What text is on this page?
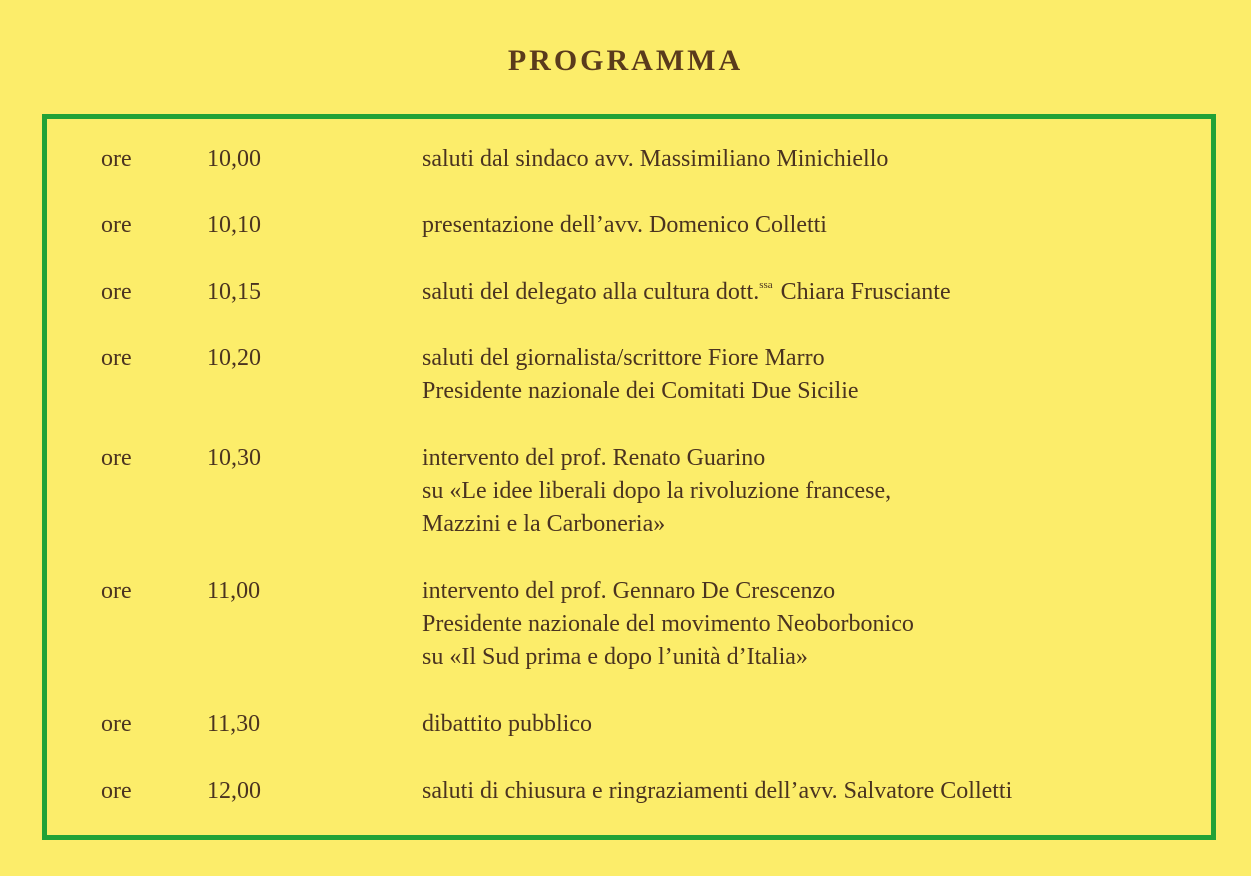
PROGRAMMA
ore	10,00	saluti dal sindaco avv. Massimiliano Minichiello
ore	10,10	presentazione dell’avv. Domenico Colletti
ore	10,15	saluti del delegato alla cultura dott.$^{ssa}$ Chiara Frusciante
ore	10,20	saluti del giornalista/scrittore Fiore Marro
Presidente nazionale dei Comitati Due Sicilie
ore	10,30	intervento del prof. Renato Guarino
su «Le idee liberali dopo la rivoluzione francese,
Mazzini e la Carboneria»
ore	11,00	intervento del prof. Gennaro De Crescenzo
Presidente nazionale del movimento Neoborbonico
su «Il Sud prima e dopo l’unità d’Italia»
ore	11,30	dibattito pubblico
ore	12,00	saluti di chiusura e ringraziamenti dell’avv. Salvatore Colletti
